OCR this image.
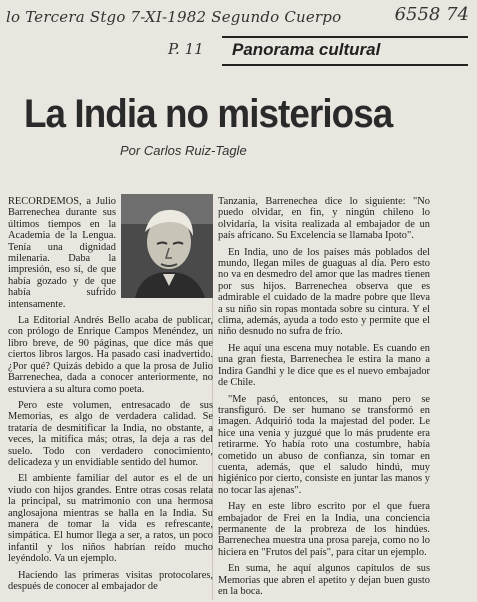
lo Tercera Stgo 7-XI-1982 Segundo Cuerpo	6558 74
P. 11 Panorama cultural
La India no misteriosa
Por Carlos Ruiz-Tagle

RECORDEMOS, a Julio Barrenechea durante sus últimos tiempos en la Academia de la Lengua. Tenía una dignidad milenaria. Daba la impresión, eso sí, de que había gozado y de que había sufrido intensamente.

La Editorial Andrés Bello acaba de publicar, con prólogo de Enrique Campos Menéndez, un libro breve, de 90 páginas, que dice más que ciertos libros largos. Ha pasado casi inadvertido. ¿Por qué? Quizás debido a que la prosa de Julio Barrenechea, dada a conocer anteriormente, no estuviera a su altura como poeta.

Pero este volumen, entresacado de sus Memorias, es algo de verdadera calidad. Se trataría de desmitificar la India, no obstante, a veces, la mitifica más; otras, la deja a ras del suelo. Todo con verdadero conocimiento, delicadeza y un envidiable sentido del humor.

El ambiente familiar del autor es el de un viudo con hijos grandes. Entre otras cosas relata la principal, su matrimonio con una hermosa anglosajona mientras se halla en la India. Su manera de tomar la vida es refrescante, simpática. El humor llega a ser, a ratos, un poco infantil y los niños habrían reído mucho leyéndolo. Va un ejemplo.

Haciendo las primeras visitas protocolares, después de conocer al embajador de

Tanzania, Barrenechea dice lo siguiente: "No puedo olvidar, en fin, y ningún chileno lo olvidaría, la visita realizada al embajador de un país africano. Su Excelencia se llamaba Ipoto".

En India, uno de los países más poblados del mundo, llegan miles de guaguas al día. Pero esto no va en desmedro del amor que las madres tienen por sus hijos. Barrenechea observa que es admirable el cuidado de la madre pobre que lleva a su niño sin ropas montada sobre su cintura. Y el clima, además, ayuda a todo esto y permite que el niño desnudo no sufra de frío.

He aquí una escena muy notable. Es cuando en una gran fiesta, Barrenechea le estira la mano a Indira Gandhi y le dice que es el nuevo embajador de Chile.

"Me pasó, entonces, su mano pero se transfiguró. De ser humano se transformó en imagen. Adquirió toda la majestad del poder. Le hice una venia y juzgué que lo más prudente era retirarme. Yo había roto una costumbre, había cometido un abuso de confianza, sin tomar en cuenta, además, que el saludo hindú, muy higiénico por cierto, consiste en juntar las manos y no tocar las ajenas".

Hay en este libro escrito por el que fuera embajador de Frei en la India, una conciencia permanente de la probreza de los hindúes. Barrenechea muestra una prosa pareja, como no lo hiciera en "Frutos del país", para citar un ejemplo.

En suma, he aquí algunos capítulos de sus Memorias que abren el apetito y dejan buen gusto en la boca.
